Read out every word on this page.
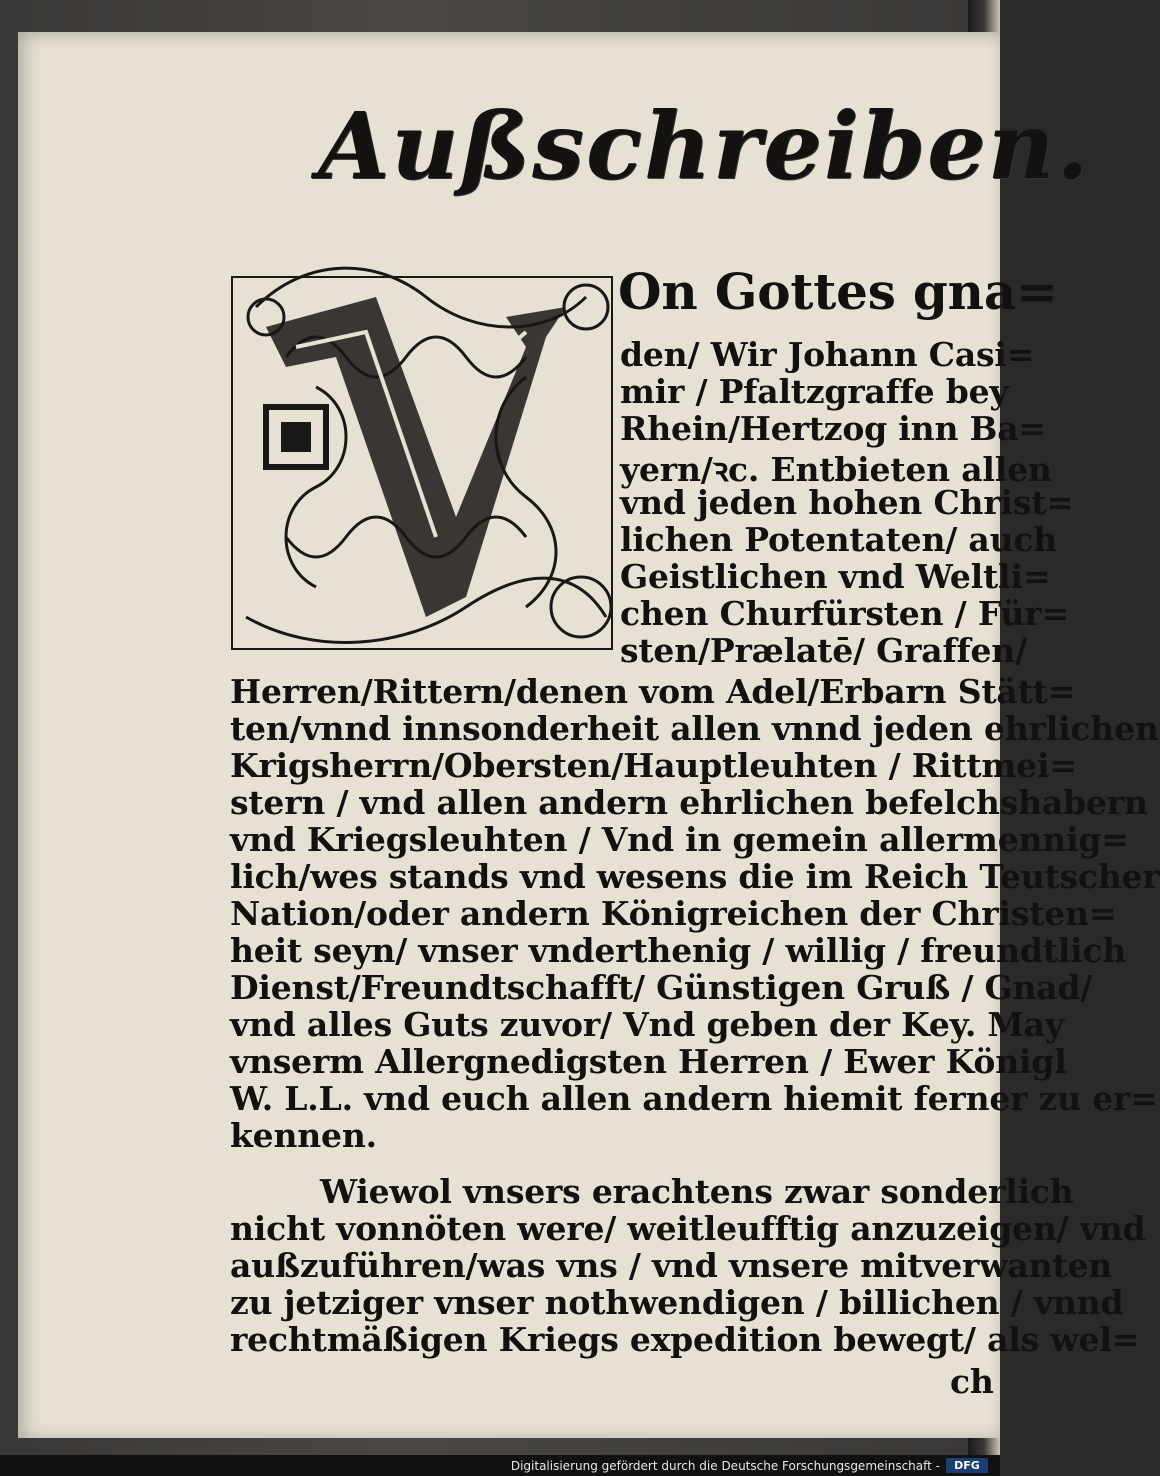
Außschreiben.
On Gottes gna=
den/ Wir Johann Casi=
mir / Pfaltzgraffe bey
Rhein/Hertzog inn Ba=
yern/ꝛc. Entbieten allen
vnd jeden hohen Christ=
lichen Potentaten/ auch
Geistlichen vnd Weltli=
chen Churfürsten / Für=
sten/Prælatē/ Graffen/
Herren/Rittern/denen vom Adel/Erbarn Stätt=
ten/vnnd innsonderheit allen vnnd jeden ehrlichen
Krigsherrn/Obersten/Hauptleuhten / Rittmei=
stern / vnd allen andern ehrlichen befelchshabern
vnd Kriegsleuhten / Vnd in gemein allermennig=
lich/wes stands vnd wesens die im Reich Teutscher
Nation/oder andern Königreichen der Christen=
heit seyn/ vnser vnderthenig / willig / freundtlich
Dienst/Freundtschafft/ Günstigen Gruß / Gnad/
vnd alles Guts zuvor/ Vnd geben der Key. May
vnserm Allergnedigsten Herren / Ewer Königl
W. L.L. vnd euch allen andern hiemit ferner zu er=
kennen.
Wiewol vnsers erachtens zwar sonderlich
nicht vonnöten were/ weitleufftig anzuzeigen/ vnd
außzuführen/was vns / vnd vnsere mitverwanten
zu jetziger vnser nothwendigen / billichen / vnnd
rechtmäßigen Kriegs expedition bewegt/ als wel=
ch
Digitalisierung gefördert durch die Deutsche Forschungsgemeinschaft -	DFG
